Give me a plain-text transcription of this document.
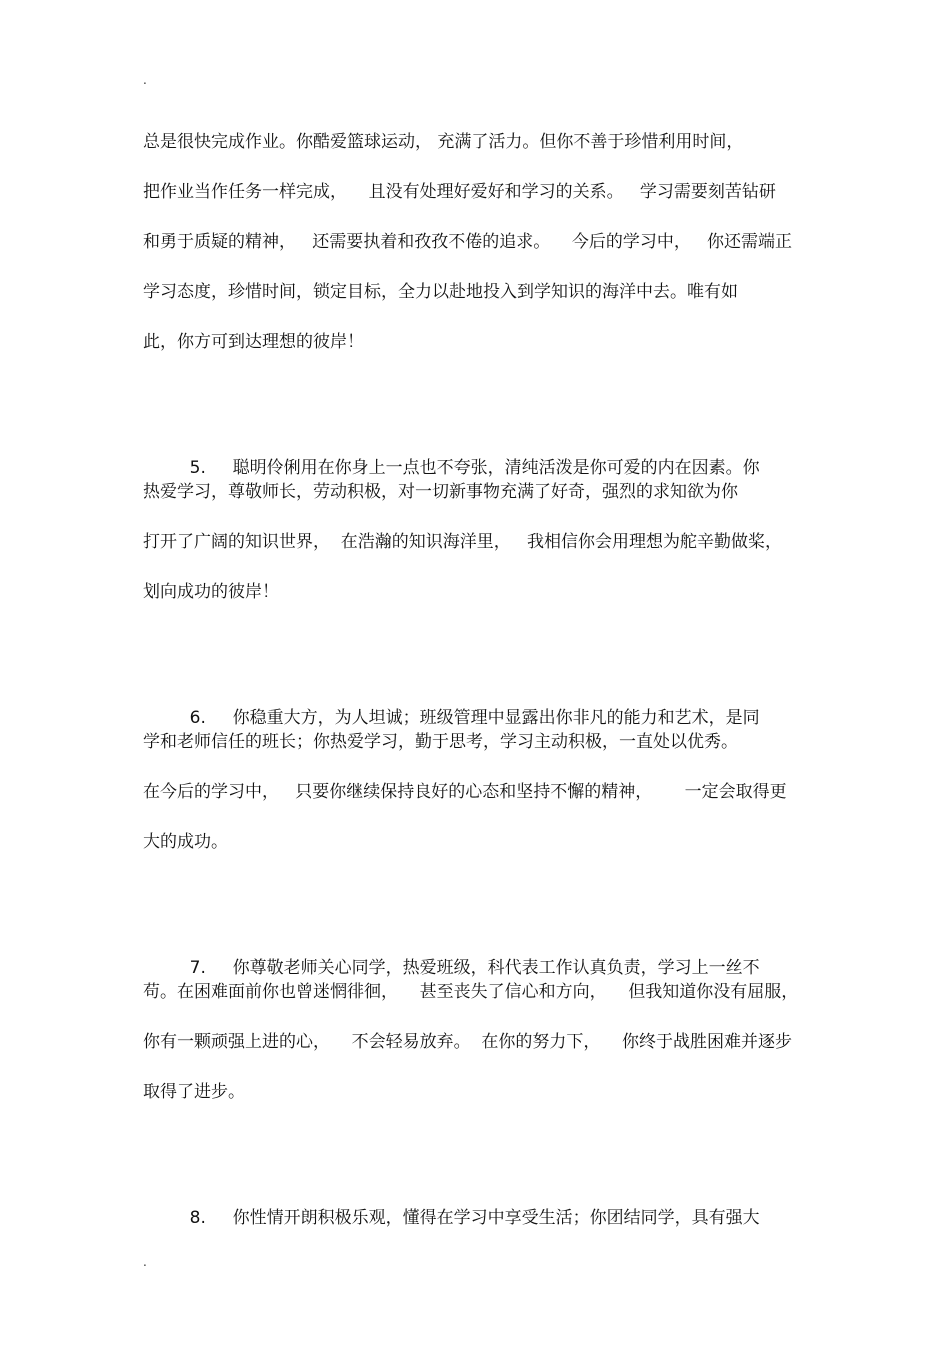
.
总是很快完成作业。你酷爱篮球运动， 充满了活力。但你不善于珍惜利用时间，
把作业当作任务一样完成，    且没有处理好爱好和学习的关系。   学习需要刻苦钻研
和勇于质疑的精神，   还需要执着和孜孜不倦的追求。    今后的学习中，   你还需端正
学习态度，珍惜时间，锁定目标，全力以赴地投入到学知识的海洋中去。唯有如
此，你方可到达理想的彼岸！

5. 聪明伶俐用在你身上一点也不夸张，清纯活泼是你可爱的内在因素。你

热爱学习，尊敬师长，劳动积极，对一切新事物充满了好奇，强烈的求知欲为你
打开了广阔的知识世界，  在浩瀚的知识海洋里，   我相信你会用理想为舵辛勤做桨，
划向成功的彼岸！

6. 你稳重大方，为人坦诚；班级管理中显露出你非凡的能力和艺术，是同

学和老师信任的班长；你热爱学习，勤于思考，学习主动积极，一直处以优秀。
在今后的学习中，   只要你继续保持良好的心态和坚持不懈的精神，      一定会取得更
大的成功。

7. 你尊敬老师关心同学，热爱班级，科代表工作认真负责，学习上一丝不

苟。在困难面前你也曾迷惘徘徊，    甚至丧失了信心和方向，    但我知道你没有屈服，
你有一颗顽强上进的心，    不会轻易放弃。  在你的努力下，    你终于战胜困难并逐步
取得了进步。

8. 你性情开朗积极乐观，懂得在学习中享受生活；你团结同学，具有强大

.
